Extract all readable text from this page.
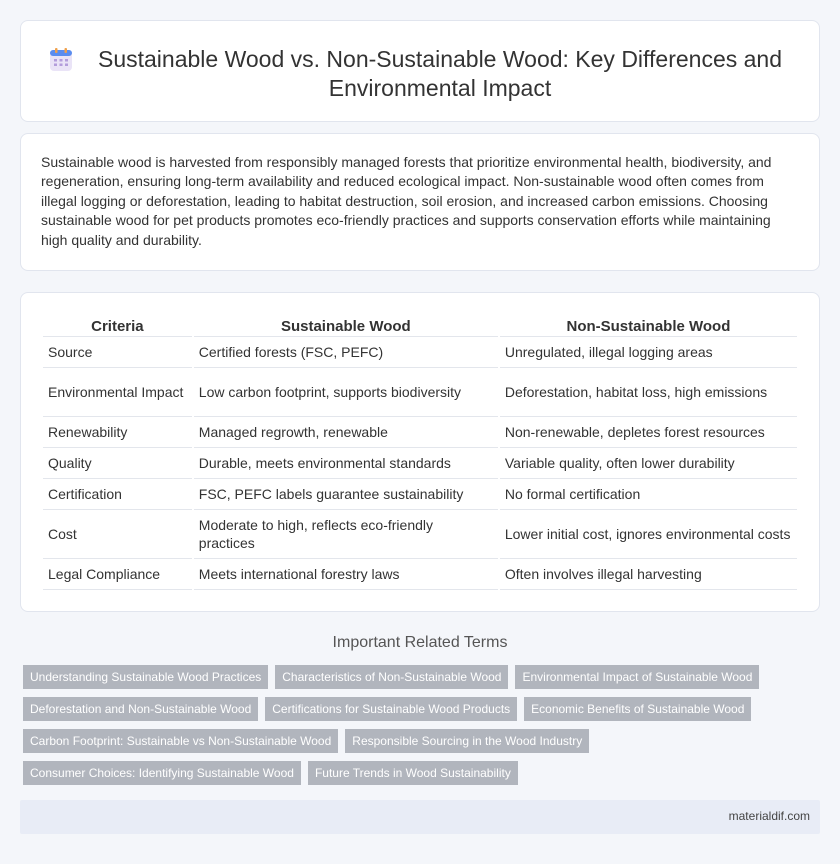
Sustainable Wood vs. Non-Sustainable Wood: Key Differences and Environmental Impact

Sustainable wood is harvested from responsibly managed forests that prioritize environmental health, biodiversity, and regeneration, ensuring long-term availability and reduced ecological impact. Non-sustainable wood often comes from illegal logging or deforestation, leading to habitat destruction, soil erosion, and increased carbon emissions. Choosing sustainable wood for pet products promotes eco-friendly practices and supports conservation efforts while maintaining high quality and durability.

Criteria	Sustainable Wood	Non-Sustainable Wood
Source	Certified forests (FSC, PEFC)	Unregulated, illegal logging areas
Environmental Impact	Low carbon footprint, supports biodiversity	Deforestation, habitat loss, high emissions
Renewability	Managed regrowth, renewable	Non-renewable, depletes forest resources
Quality	Durable, meets environmental standards	Variable quality, often lower durability
Certification	FSC, PEFC labels guarantee sustainability	No formal certification
Cost	Moderate to high, reflects eco-friendly practices	Lower initial cost, ignores environmental costs
Legal Compliance	Meets international forestry laws	Often involves illegal harvesting
Important Related Terms
Understanding Sustainable Wood Practices	Characteristics of Non-Sustainable Wood	Environmental Impact of Sustainable Wood
Deforestation and Non-Sustainable Wood	Certifications for Sustainable Wood Products	Economic Benefits of Sustainable Wood
Carbon Footprint: Sustainable vs Non-Sustainable Wood	Responsible Sourcing in the Wood Industry
Consumer Choices: Identifying Sustainable Wood	Future Trends in Wood Sustainability
materialdif.com
